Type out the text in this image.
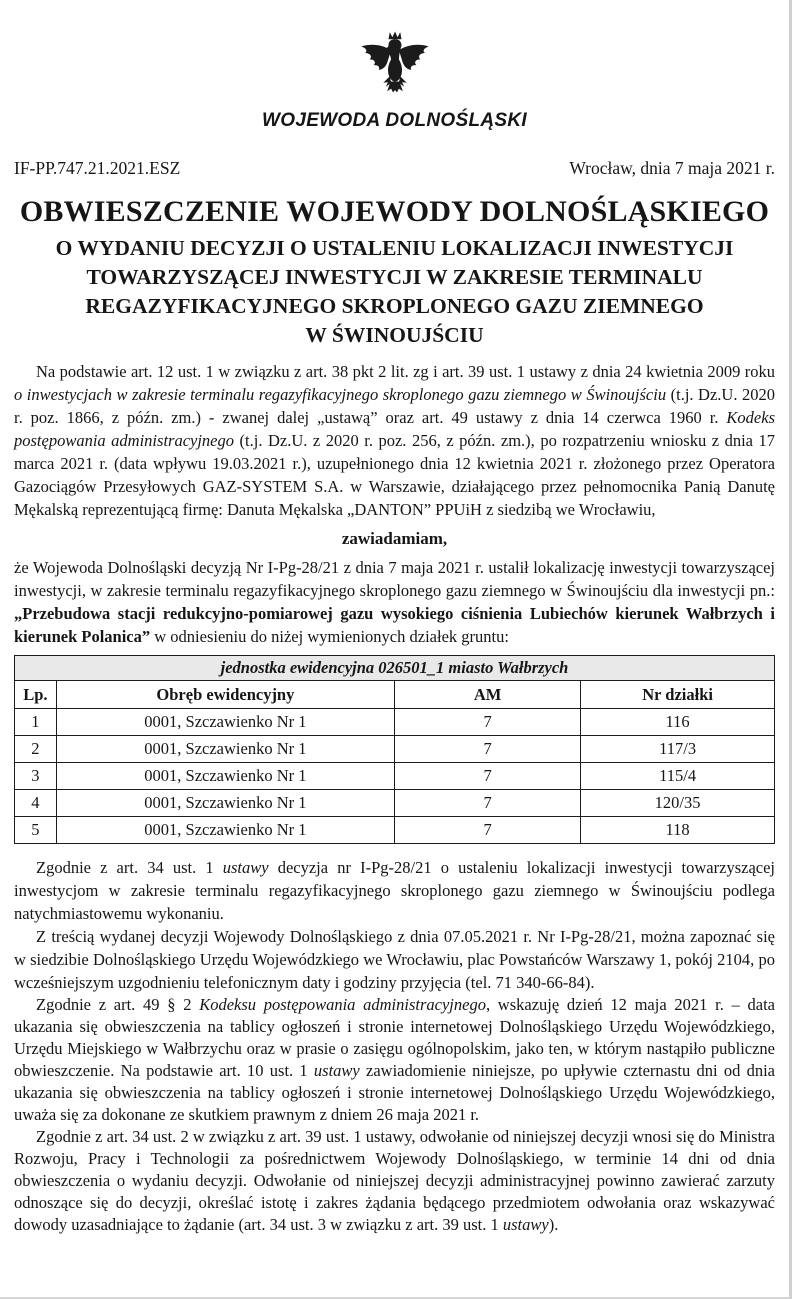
WOJEWODA DOLNOŚLĄSKI
IF-PP.747.21.2021.ESZ	Wrocław, dnia 7 maja 2021 r.
OBWIESZCZENIE WOJEWODY DOLNOŚLĄSKIEGO
O WYDANIU DECYZJI O USTALENIU LOKALIZACJI INWESTYCJI
TOWARZYSZĄCEJ INWESTYCJI W ZAKRESIE TERMINALU
REGAZYFIKACYJNEGO SKROPLONEGO GAZU ZIEMNEGO
W ŚWINOUJŚCIU

Na podstawie art. 12 ust. 1 w związku z art. 38 pkt 2 lit. zg i art. 39 ust. 1 ustawy z dnia 24 kwietnia 2009 roku o inwestycjach w zakresie terminalu regazyfikacyjnego skroplonego gazu ziemnego w Świnoujściu (t.j. Dz.U. 2020 r. poz. 1866, z późn. zm.) - zwanej dalej „ustawą” oraz art. 49 ustawy z dnia 14 czerwca 1960 r. Kodeks postępowania administracyjnego (t.j. Dz.U. z 2020 r. poz. 256, z późn. zm.), po rozpatrzeniu wniosku z dnia 17 marca 2021 r. (data wpływu 19.03.2021 r.), uzupełnionego dnia 12 kwietnia 2021 r. złożonego przez Operatora Gazociągów Przesyłowych GAZ-SYSTEM S.A. w Warszawie, działającego przez pełnomocnika Panią Danutę Mękalską reprezentującą firmę: Danuta Mękalska „DANTON” PPUiH z siedzibą we Wrocławiu,

zawiadamiam,

że Wojewoda Dolnośląski decyzją Nr I-Pg-28/21 z dnia 7 maja 2021 r. ustalił lokalizację inwestycji towarzyszącej inwestycji, w zakresie terminalu regazyfikacyjnego skroplonego gazu ziemnego w Świnoujściu dla inwestycji pn.: „Przebudowa stacji redukcyjno-pomiarowej gazu wysokiego ciśnienia Lubiechów kierunek Wałbrzych i kierunek Polanica” w odniesieniu do niżej wymienionych działek gruntu:

jednostka ewidencyjna 026501_1 miasto Wałbrzych			
Lp.	Obręb ewidencyjny	AM	Nr działki
1	0001, Szczawienko Nr 1	7	116
2	0001, Szczawienko Nr 1	7	117/3
3	0001, Szczawienko Nr 1	7	115/4
4	0001, Szczawienko Nr 1	7	120/35
5	0001, Szczawienko Nr 1	7	118

Zgodnie z art. 34 ust. 1 ustawy decyzja nr I-Pg-28/21 o ustaleniu lokalizacji inwestycji towarzyszącej inwestycjom w zakresie terminalu regazyfikacyjnego skroplonego gazu ziemnego w Świnoujściu podlega natychmiastowemu wykonaniu.

Z treścią wydanej decyzji Wojewody Dolnośląskiego z dnia 07.05.2021 r. Nr I-Pg-28/21, można zapoznać się w siedzibie Dolnośląskiego Urzędu Wojewódzkiego we Wrocławiu, plac Powstańców Warszawy 1, pokój 2104, po wcześniejszym uzgodnieniu telefonicznym daty i godziny przyjęcia (tel. 71 340-66-84).

Zgodnie z art. 49 § 2 Kodeksu postępowania administracyjnego, wskazuję dzień 12 maja 2021 r. – data ukazania się obwieszczenia na tablicy ogłoszeń i stronie internetowej Dolnośląskiego Urzędu Wojewódzkiego, Urzędu Miejskiego w Wałbrzychu oraz w prasie o zasięgu ogólnopolskim, jako ten, w którym nastąpiło publiczne obwieszczenie. Na podstawie art. 10 ust. 1 ustawy zawiadomienie niniejsze, po upływie czternastu dni od dnia ukazania się obwieszczenia na tablicy ogłoszeń i stronie internetowej Dolnośląskiego Urzędu Wojewódzkiego, uważa się za dokonane ze skutkiem prawnym z dniem 26 maja 2021 r.

Zgodnie z art. 34 ust. 2 w związku z art. 39 ust. 1 ustawy, odwołanie od niniejszej decyzji wnosi się do Ministra Rozwoju, Pracy i Technologii za pośrednictwem Wojewody Dolnośląskiego, w terminie 14 dni od dnia obwieszczenia o wydaniu decyzji. Odwołanie od niniejszej decyzji administracyjnej powinno zawierać zarzuty odnoszące się do decyzji, określać istotę i zakres żądania będącego przedmiotem odwołania oraz wskazywać dowody uzasadniające to żądanie (art. 34 ust. 3 w związku z art. 39 ust. 1 ustawy).
